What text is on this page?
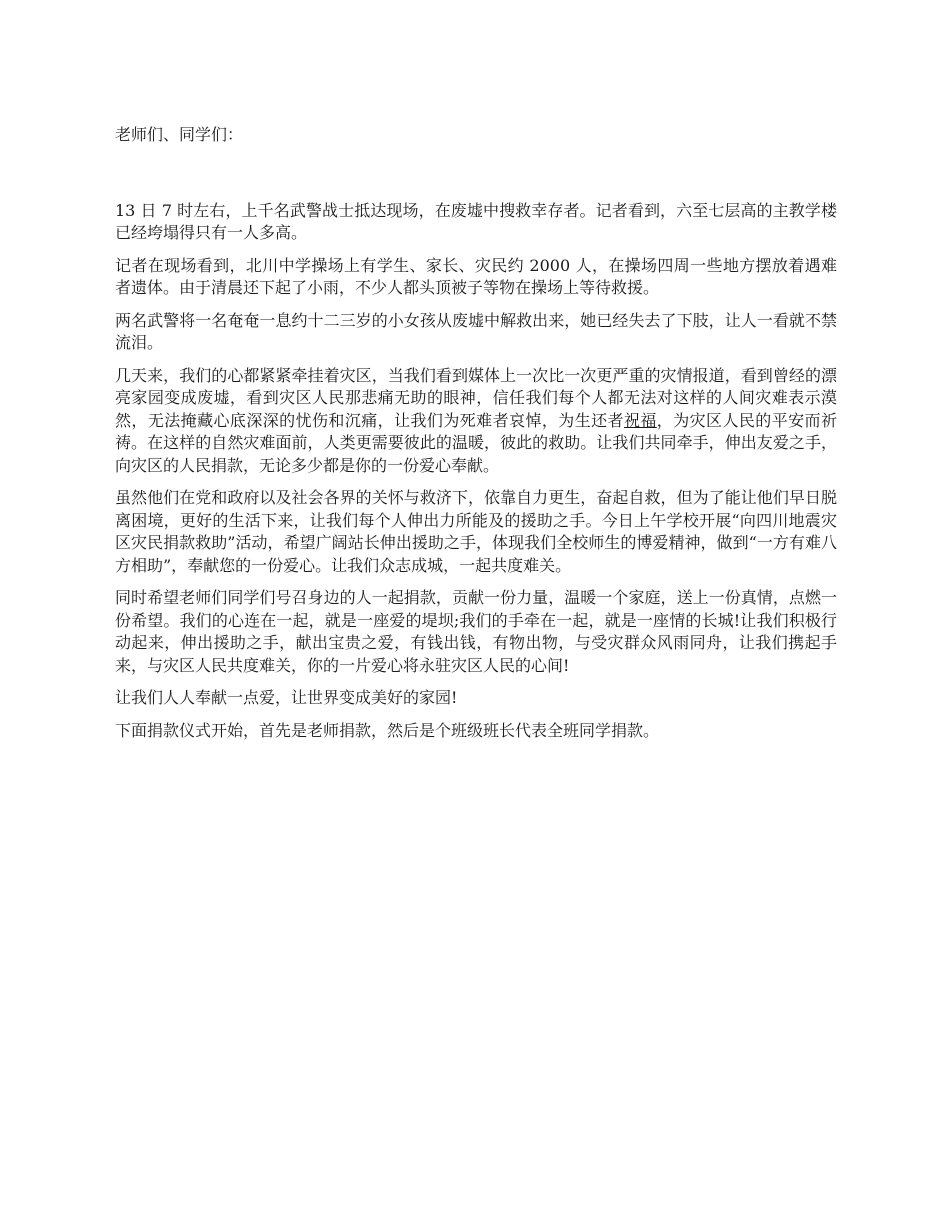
老师们、同学们：

13 日 7 时左右，上千名武警战士抵达现场，在废墟中搜救幸存者。记者看到，六至七层高的主教学楼已经垮塌得只有一人多高。

记者在现场看到，北川中学操场上有学生、家长、灾民约 2000 人，在操场四周一些地方摆放着遇难者遗体。由于清晨还下起了小雨，不少人都头顶被子等物在操场上等待救援。

两名武警将一名奄奄一息约十二三岁的小女孩从废墟中解救出来，她已经失去了下肢，让人一看就不禁流泪。

几天来，我们的心都紧紧牵挂着灾区，当我们看到媒体上一次比一次更严重的灾情报道，看到曾经的漂亮家园变成废墟，看到灾区人民那悲痛无助的眼神，信任我们每个人都无法对这样的人间灾难表示漠然，无法掩藏心底深深的忧伤和沉痛，让我们为死难者哀悼，为生还者祝福，为灾区人民的平安而祈祷。在这样的自然灾难面前，人类更需要彼此的温暖，彼此的救助。让我们共同牵手，伸出友爱之手，向灾区的人民捐款，无论多少都是你的一份爱心奉献。

虽然他们在党和政府以及社会各界的关怀与救济下，依靠自力更生，奋起自救，但为了能让他们早日脱离困境，更好的生活下来，让我们每个人伸出力所能及的援助之手。今日上午学校开展“向四川地震灾区灾民捐款救助”活动，希望广阔站长伸出援助之手，体现我们全校师生的博爱精神，做到“一方有难八方相助”，奉献您的一份爱心。让我们众志成城，一起共度难关。

同时希望老师们同学们号召身边的人一起捐款，贡献一份力量，温暖一个家庭，送上一份真情，点燃一份希望。我们的心连在一起，就是一座爱的堤坝;我们的手牵在一起，就是一座情的长城!让我们积极行动起来，伸出援助之手，献出宝贵之爱，有钱出钱，有物出物，与受灾群众风雨同舟，让我们携起手来，与灾区人民共度难关，你的一片爱心将永驻灾区人民的心间!

让我们人人奉献一点爱，让世界变成美好的家园!

下面捐款仪式开始，首先是老师捐款，然后是个班级班长代表全班同学捐款。
